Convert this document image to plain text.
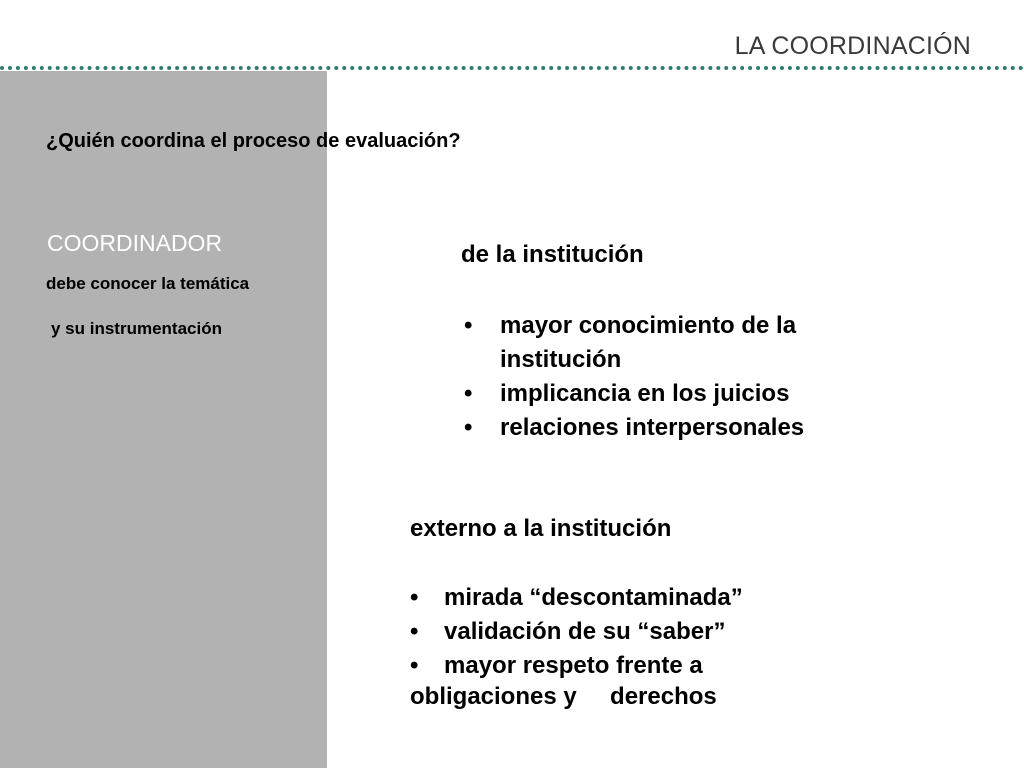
LA COORDINACIÓN
¿Quién coordina el proceso de evaluación?
COORDINADOR
debe conocer la temática
y su instrumentación

de la institución

• mayor conocimiento de la institución
• implicancia en los juicios
• relaciones interpersonales

externo a la institución

• mirada “descontaminada”
• validación de su “saber”
• mayor respeto frente a

obligaciones y     derechos
